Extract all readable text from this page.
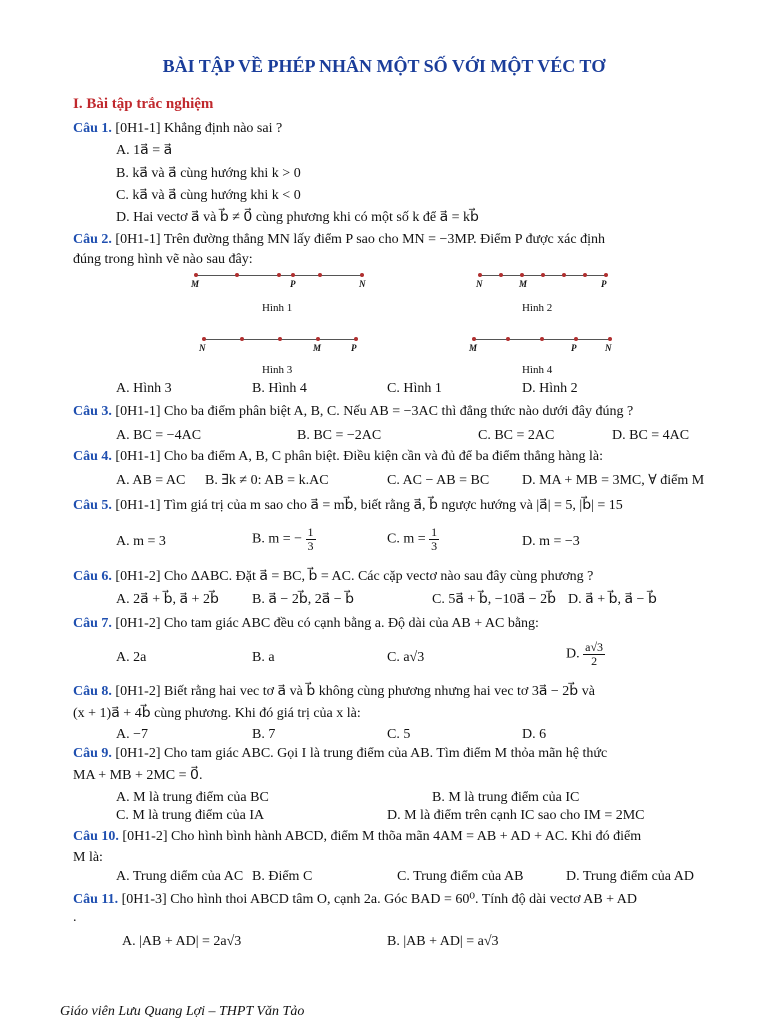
BÀI TẬP VỀ PHÉP NHÂN MỘT SỐ VỚI MỘT VÉC TƠ
I. Bài tập trắc nghiệm
Câu 1. [0H1-1] Khẳng định nào sai ?
A. 1a⃗ = a⃗
B. ka⃗ và a⃗ cùng hướng khi k > 0
C. ka⃗ và a⃗ cùng hướng khi k < 0
D. Hai vectơ a⃗ và b⃗ ≠ 0⃗ cùng phương khi có một số k để a⃗ = kb⃗
Câu 2. [0H1-1] Trên đường thẳng MN lấy điểm P sao cho MN = −3MP. Điểm P được xác định
đúng trong hình vẽ nào sau đây:
M	P	N
Hình 1
N	M	P
Hình 2
N	M	P
Hình 3
M	P	N
Hình 4
A. Hình 3	B. Hình 4	C. Hình 1	D. Hình 2
Câu 3. [0H1-1] Cho ba điểm phân biệt A, B, C. Nếu AB = −3AC thì đẳng thức nào dưới đây đúng ?
A. BC = −4AC	B. BC = −2AC	C. BC = 2AC	D. BC = 4AC
Câu 4. [0H1-1] Cho ba điểm A, B, C phân biệt. Điều kiện cần và đủ để ba điểm thẳng hàng là:
A. AB = AC B. ∃k ≠ 0: AB = k.AC	C. AC − AB = BC D. MA + MB = 3MC, ∀ điểm M
Câu 5. [0H1-1] Tìm giá trị của m sao cho a⃗ = mb⃗, biết rằng a⃗, b⃗ ngược hướng và |a⃗| = 5, |b⃗| = 15
A. m = 3	B. m = − $\frac{1}{3}$	C. $m = \frac{1}{3}$	D. m = −3
Câu 6. [0H1-2] Cho ΔABC. Đặt a⃗ = BC, b⃗ = AC. Các cặp vectơ nào sau đây cùng phương ?
A. 2a⃗ + b⃗, a⃗ + 2b⃗ B. a⃗ − 2b⃗, 2a⃗ − b⃗	C. 5a⃗ + b⃗, −10a⃗ − 2b⃗ D. a⃗ + b⃗, a⃗ − b⃗
Câu 7. [0H1-2] Cho tam giác ABC đều có cạnh bằng a. Độ dài của AB + AC bằng:
A. 2a	B. a	C. a√3	D. $\frac{a√3}{2}$
Câu 8. [0H1-2] Biết rằng hai vec tơ a⃗ và b⃗ không cùng phương nhưng hai vec tơ 3a⃗ − 2b⃗ và
(x + 1)a⃗ + 4b⃗ cùng phương. Khi đó giá trị của x là:
A. −7	B. 7	C. 5	D. 6
Câu 9. [0H1-2] Cho tam giác ABC. Gọi I là trung điểm của AB. Tìm điểm M thỏa mãn hệ thức
MA + MB + 2MC = 0⃗.
A. M là trung điểm của BC	B. M là trung điểm của IC
C. M là trung điểm của IA	D. M là điểm trên cạnh IC sao cho IM = 2MC
Câu 10. [0H1-2] Cho hình bình hành ABCD, điểm M thõa mãn 4AM = AB + AD + AC. Khi đó điểm
M là:
A. Trung diểm của AC B. Điểm C	C. Trung điểm của AB	D. Trung điểm của AD
Câu 11. [0H1-3] Cho hình thoi ABCD tâm O, cạnh 2a. Góc BAD = 60⁰. Tính độ dài vectơ AB + AD
.
A. |AB + AD| = 2a√3	B. |AB + AD| = a√3
Giáo viên Lưu Quang Lợi – THPT Văn Tảo
